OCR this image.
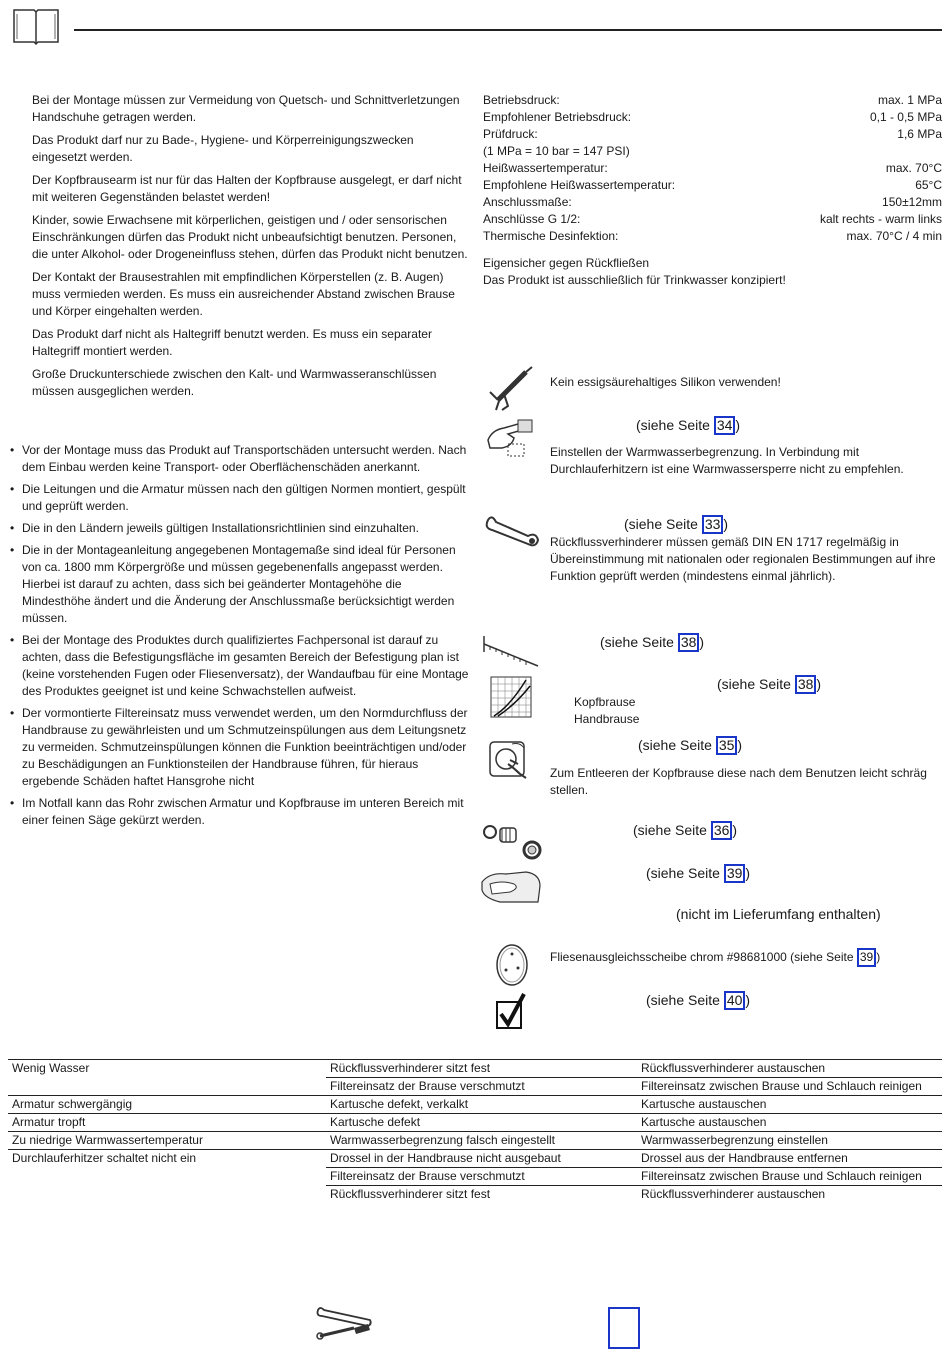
Bei der Montage müssen zur Vermeidung von Quetsch- und Schnittverletzungen Handschuhe getragen werden.

Das Produkt darf nur zu Bade-, Hygiene- und Körperreinigungszwecken eingesetzt werden.

Der Kopfbrausearm ist nur für das Halten der Kopfbrause ausgelegt, er darf nicht mit weiteren Gegenständen belastet werden!

Kinder, sowie Erwachsene mit körperlichen, geistigen und / oder sensorischen Einschränkungen dürfen das Produkt nicht unbeaufsichtigt benutzen. Personen, die unter Alkohol- oder Drogeneinfluss stehen, dürfen das Produkt nicht benutzen.

Der Kontakt der Brausestrahlen mit empfindlichen Körperstellen (z. B. Augen) muss vermieden werden. Es muss ein ausreichender Abstand zwischen Brause und Körper eingehalten werden.

Das Produkt darf nicht als Haltegriff benutzt werden. Es muss ein separater Haltegriff montiert werden.

Große Druckunterschiede zwischen den Kalt- und Warmwasseranschlüssen müssen ausgeglichen werden.

• Vor der Montage muss das Produkt auf Transportschäden untersucht werden. Nach dem Einbau werden keine Transport- oder Oberflächenschäden anerkannt.
• Die Leitungen und die Armatur müssen nach den gültigen Normen montiert, gespült und geprüft werden.
• Die in den Ländern jeweils gültigen Installationsrichtlinien sind einzuhalten.
• Die in der Montageanleitung angegebenen Montagemaße sind ideal für Personen von ca. 1800 mm Körpergröße und müssen gegebenenfalls angepasst werden. Hierbei ist darauf zu achten, dass sich bei geänderter Montagehöhe die Mindesthöhe ändert und die Änderung der Anschlussmaße berücksichtigt werden müssen.
• Bei der Montage des Produktes durch qualifiziertes Fachpersonal ist darauf zu achten, dass die Befestigungsfläche im gesamten Bereich der Befestigung plan ist (keine vorstehenden Fugen oder Fliesenversatz), der Wandaufbau für eine Montage des Produktes geeignet ist und keine Schwachstellen aufweist.
• Der vormontierte Filtereinsatz muss verwendet werden, um den Normdurchfluss der Handbrause zu gewährleisten und um Schmutzeinspülungen aus dem Leitungsnetz zu vermeiden. Schmutzeinspülungen können die Funktion beeinträchtigen und/oder zu Beschädigungen an Funktionsteilen der Handbrause führen, für hieraus ergebende Schäden haftet Hansgrohe nicht
• Im Notfall kann das Rohr zwischen Armatur und Kopfbrause im unteren Bereich mit einer feinen Säge gekürzt werden.
Betriebsdruck:	max. 1 MPa
Empfohlener Betriebsdruck:	0,1 - 0,5 MPa
Prüfdruck:	1,6 MPa
(1 MPa = 10 bar = 147 PSI)
Heißwassertemperatur:	max. 70°C
Empfohlene Heißwassertemperatur:	65°C
Anschlussmaße:	150±12mm
Anschlüsse G 1/2:	kalt rechts - warm links
Thermische Desinfektion:	max. 70°C / 4 min
Eigensicher gegen Rückfließen
Das Produkt ist ausschließlich für Trinkwasser konzipiert!
Kein essigsäurehaltiges Silikon verwenden!
(siehe Seite 34 )
Einstellen der Warmwasserbegrenzung. In Verbindung mit Durchlauferhitzern ist eine Warmwassersperre nicht zu empfehlen.
(siehe Seite 33 )
Rückflussverhinderer müssen gemäß DIN EN 1717 regelmäßig in Übereinstimmung mit nationalen oder regionalen Bestimmungen auf ihre Funktion geprüft werden (mindestens einmal jährlich).
(siehe Seite 38 )
(siehe Seite 38 )
Kopfbrause
Handbrause
(siehe Seite 35 )
Zum Entleeren der Kopfbrause diese nach dem Benutzen leicht schräg stellen.
(siehe Seite 36 )
(siehe Seite 39 )
(nicht im Lieferumfang enthalten)
Fliesenausgleichsscheibe chrom #98681000 (siehe Seite 39 )
(siehe Seite 40 )
Wenig Wasser	Rückflussverhinderer sitzt fest	Rückflussverhinderer austauschen
	Filtereinsatz der Brause verschmutzt	Filtereinsatz zwischen Brause und Schlauch reinigen
Armatur schwergängig	Kartusche defekt, verkalkt	Kartusche austauschen
Armatur tropft	Kartusche defekt	Kartusche austauschen
Zu niedrige Warmwassertemperatur	Warmwasserbegrenzung falsch eingestellt	Warmwasserbegrenzung einstellen
Durchlauferhitzer schaltet nicht ein	Drossel in der Handbrause nicht ausgebaut	Drossel aus der Handbrause entfernen
	Filtereinsatz der Brause verschmutzt	Filtereinsatz zwischen Brause und Schlauch reinigen
	Rückflussverhinderer sitzt fest	Rückflussverhinderer austauschen
